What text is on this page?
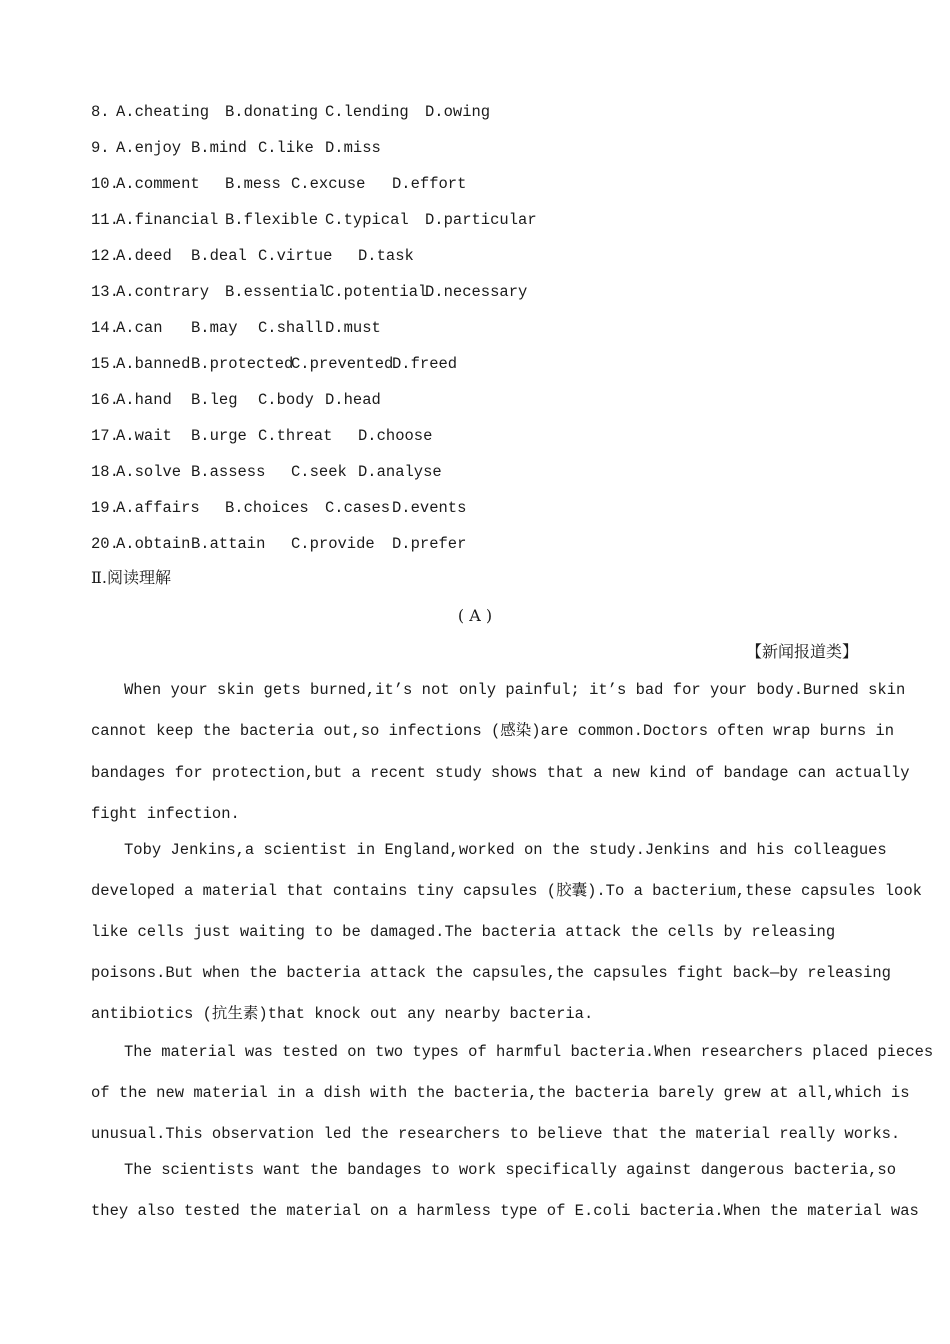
8. A.cheating B.donating C.lending D.owing
9. A.enjoy B.mind C.like D.miss
10.
A.comment B.mess C.excuse D.effort
11.
A.financial B.flexible C.typical D.particular
12.
A.deed B.deal C.virtue D.task
13.
A.contrary B.essential
C.potential
D.necessary
14.
A.can B.may C.shall D.must
15.
A.banned B.protected
C.prevented
D.freed
16.
A.hand B.leg C.body D.head
17.
A.wait B.urge C.threat D.choose
18.
A.solve B.assess C.seek D.analyse
19.
A.affairs B.choices C.cases D.events
20.
A.obtain B.attain C.provide D.prefer
Ⅱ.阅读理解
( A )
【新闻报道类】
When your skin gets burned,it’s not only painful; it’s bad for your body.Burned skin
cannot keep the bacteria out,so infections (感染)are common.Doctors often wrap burns in
bandages for protection,but a recent study shows that a new kind of bandage can actually
fight infection.
Toby Jenkins,a scientist in England,worked on the study.Jenkins and his colleagues
developed a material that contains tiny capsules (胶囊).To a bacterium,these capsules look
like cells just waiting to be damaged.The bacteria attack the cells by releasing
poisons.But when the bacteria attack the capsules,the capsules fight back—by releasing
antibiotics (抗生素)that knock out any nearby bacteria.
The material was tested on two types of harmful bacteria.When researchers placed pieces
of the new material in a dish with the bacteria,the bacteria barely grew at all,which is
unusual.This observation led the researchers to believe that the material really works.
The scientists want the bandages to work specifically against dangerous bacteria,so
they also tested the material on a harmless type of E.coli bacteria.When the material was
